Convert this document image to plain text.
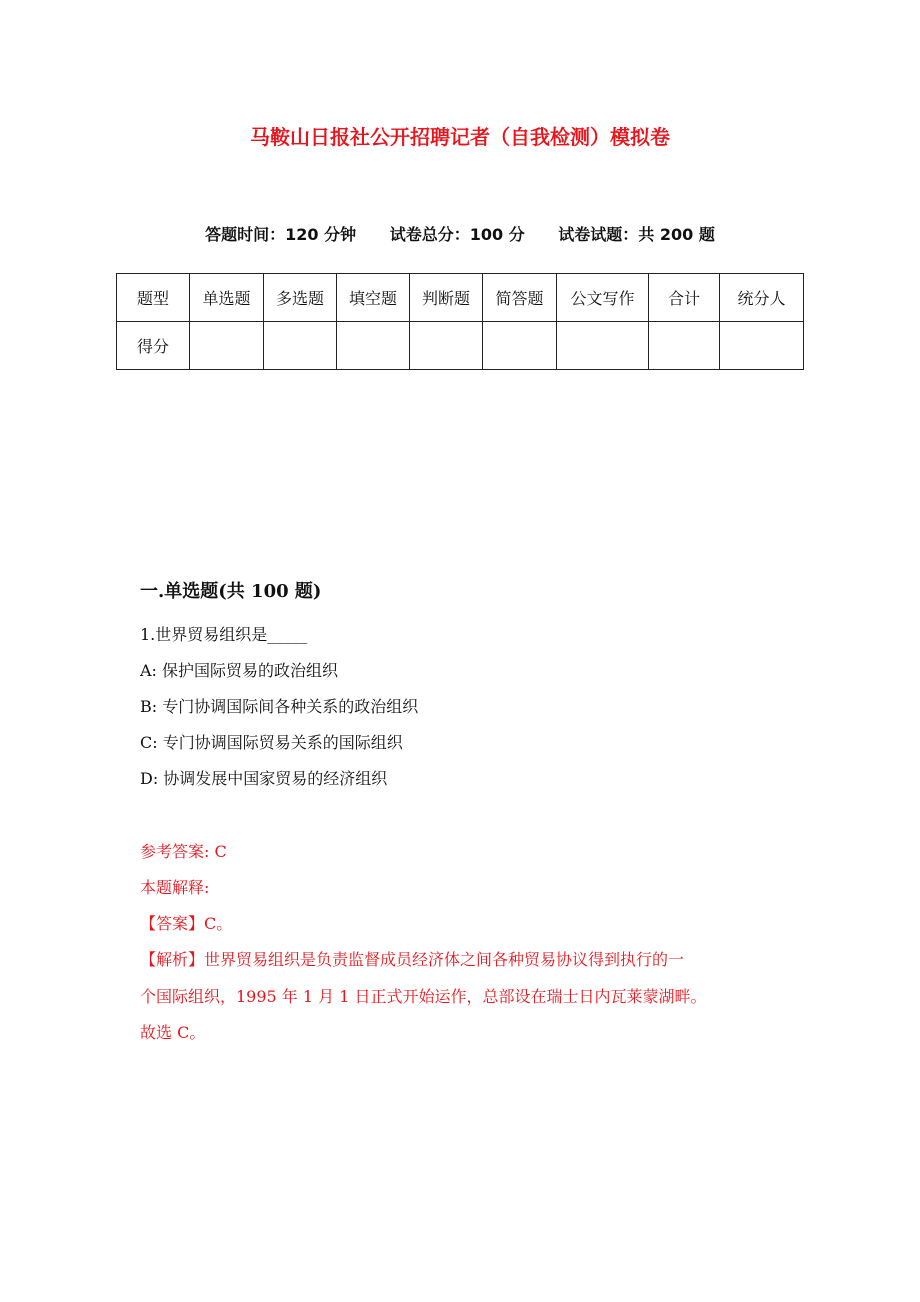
马鞍山日报社公开招聘记者（自我检测）模拟卷
答题时间：120 分钟 试卷总分：100 分 试卷试题：共 200 题
题型	单选题	多选题	填空题	判断题	简答题	公文写作	合计	统分人
得分								
一.单选题(共 100 题)
1.世界贸易组织是_____
A: 保护国际贸易的政治组织
B: 专门协调国际间各种关系的政治组织
C: 专门协调国际贸易关系的国际组织
D: 协调发展中国家贸易的经济组织
参考答案: C
本题解释:
【答案】C。
【解析】世界贸易组织是负责监督成员经济体之间各种贸易协议得到执行的一
个国际组织，1995 年 1 月 1 日正式开始运作，总部设在瑞士日内瓦莱蒙湖畔。
故选 C。
